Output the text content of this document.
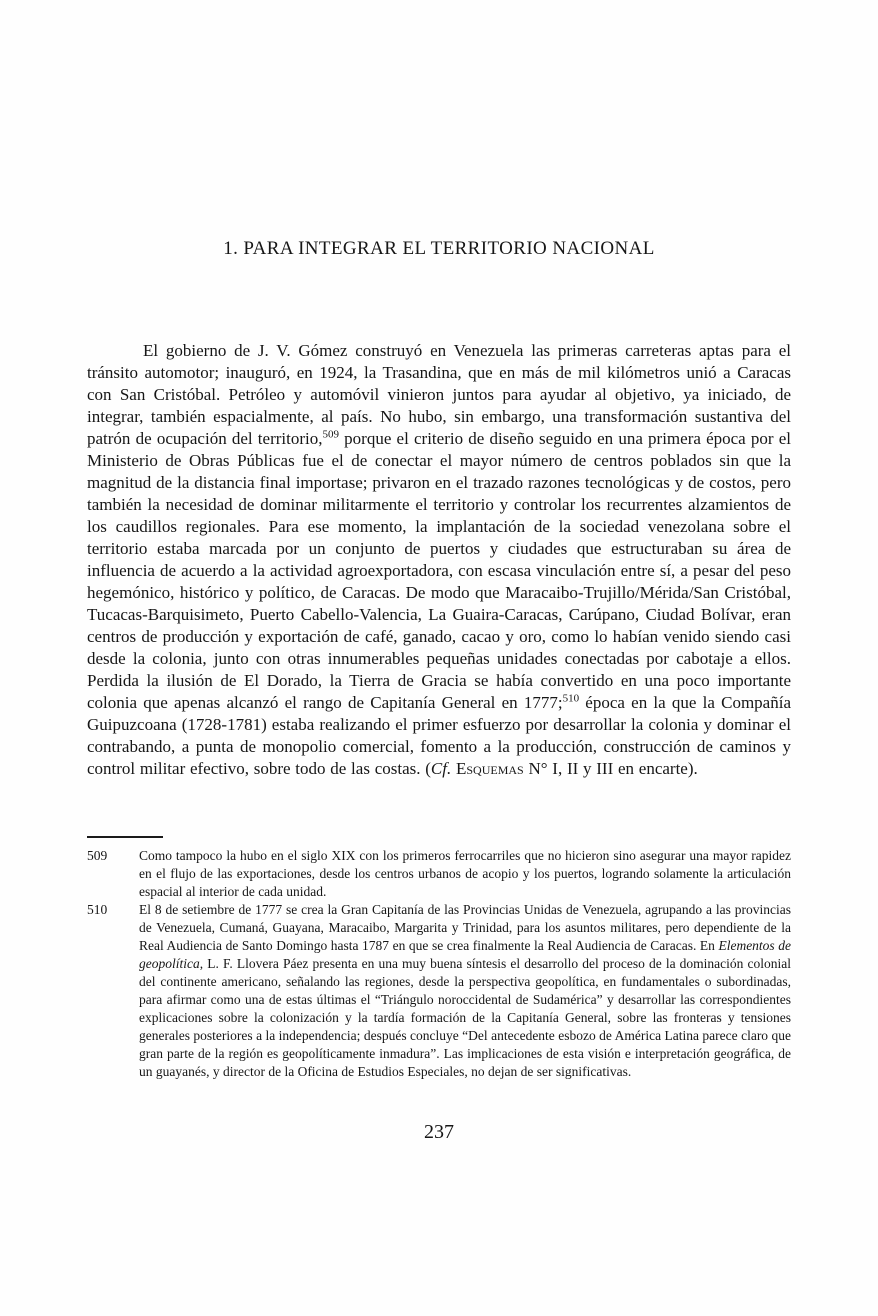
1. PARA INTEGRAR EL TERRITORIO NACIONAL

El gobierno de J. V. Gómez construyó en Venezuela las primeras carreteras aptas para el tránsito automotor; inauguró, en 1924, la Trasandina, que en más de mil kilómetros unió a Caracas con San Cristóbal. Petróleo y automóvil vinieron juntos para ayudar al objetivo, ya iniciado, de integrar, también espacialmente, al país. No hubo, sin embargo, una transformación sustantiva del patrón de ocupación del territorio,$^{509}$ porque el criterio de diseño seguido en una primera época por el Ministerio de Obras Públicas fue el de conectar el mayor número de centros poblados sin que la magnitud de la distancia final importase; privaron en el trazado razones tecnológicas y de costos, pero también la necesidad de dominar militarmente el territorio y controlar los recurrentes alzamientos de los caudillos regionales. Para ese momento, la implantación de la sociedad venezolana sobre el territorio estaba marcada por un conjunto de puertos y ciudades que estructuraban su área de influencia de acuerdo a la actividad agroexportadora, con escasa vinculación entre sí, a pesar del peso hegemónico, histórico y político, de Caracas. De modo que Maracaibo-Trujillo/Mérida/San Cristóbal, Tucacas-Barquisimeto, Puerto Cabello-Valencia, La Guaira-Caracas, Carúpano, Ciudad Bolívar, eran centros de producción y exportación de café, ganado, cacao y oro, como lo habían venido siendo casi desde la colonia, junto con otras innumerables pequeñas unidades conectadas por cabotaje a ellos. Perdida la ilusión de El Dorado, la Tierra de Gracia se había convertido en una poco importante colonia que apenas alcanzó el rango de Capitanía General en 1777;$^{510}$ época en la que la Compañía Guipuzcoana (1728-1781) estaba realizando el primer esfuerzo por desarrollar la colonia y dominar el contrabando, a punta de monopolio comercial, fomento a la producción, construcción de caminos y control militar efectivo, sobre todo de las costas. (Cf. Esquemas N° I, II y III en encarte).

509	Como tampoco la hubo en el siglo XIX con los primeros ferrocarriles que no hicieron sino asegurar una mayor rapidez en el flujo de las exportaciones, desde los centros urbanos de acopio y los puertos, logrando solamente la articulación espacial al interior de cada unidad.
510	El 8 de setiembre de 1777 se crea la Gran Capitanía de las Provincias Unidas de Venezuela, agrupando a las provincias de Venezuela, Cumaná, Guayana, Maracaibo, Margarita y Trinidad, para los asuntos militares, pero dependiente de la Real Audiencia de Santo Domingo hasta 1787 en que se crea finalmente la Real Audiencia de Caracas. En Elementos de geopolítica, L. F. Llovera Páez presenta en una muy buena síntesis el desarrollo del proceso de la dominación colonial del continente americano, señalando las regiones, desde la perspectiva geopolítica, en fundamentales o subordinadas, para afirmar como una de estas últimas el “Triángulo noroccidental de Sudamérica” y desarrollar las correspondientes explicaciones sobre la colonización y la tardía formación de la Capitanía General, sobre las fronteras y tensiones generales posteriores a la independencia; después concluye “Del antecedente esbozo de América Latina parece claro que gran parte de la región es geopolíticamente inmadura”. Las implicaciones de esta visión e interpretación geográfica, de un guayanés, y director de la Oficina de Estudios Especiales, no dejan de ser significativas.
237
